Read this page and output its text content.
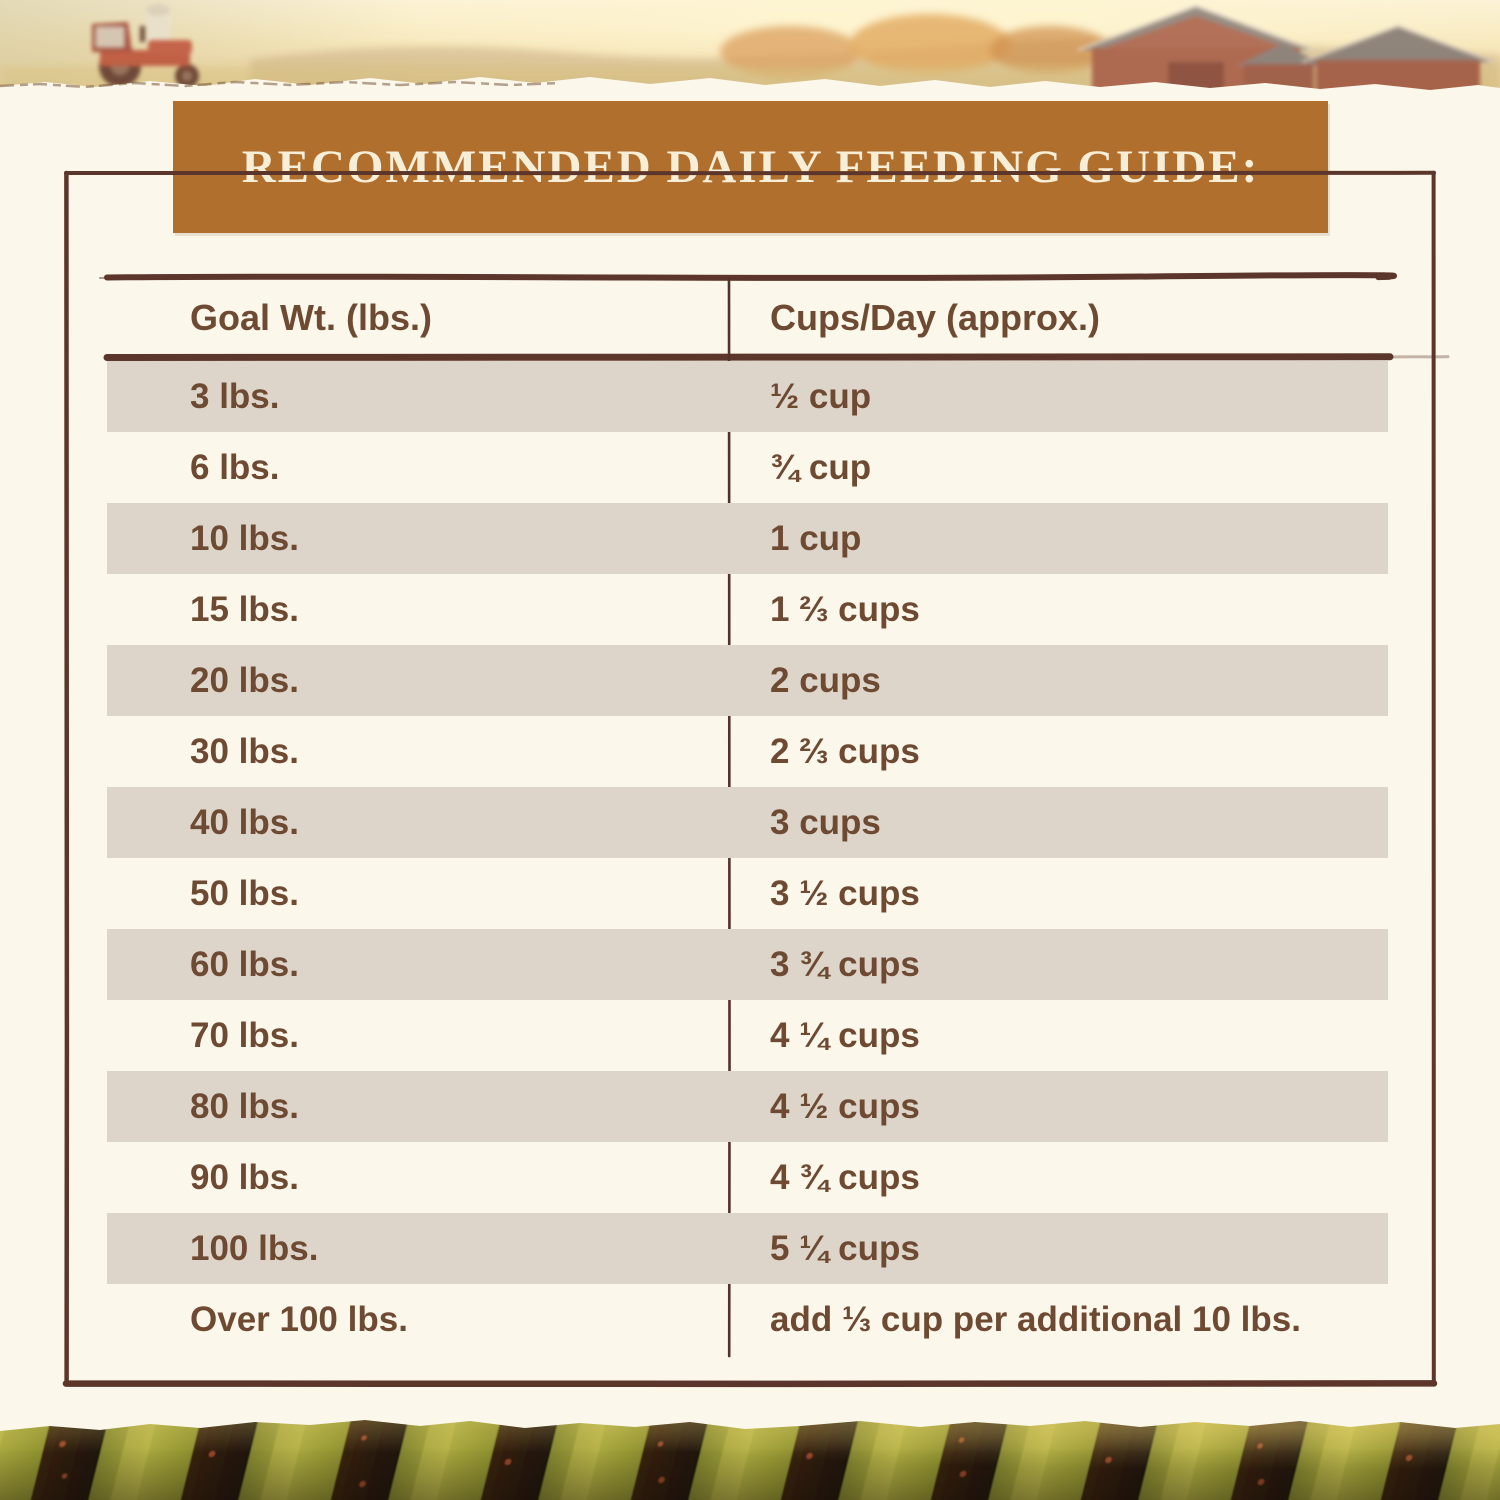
RECOMMENDED DAILY FEEDING GUIDE:
Goal Wt. (lbs.)	Cups/Day (approx.)
3 lbs.	½ cup
6 lbs.	¾ cup
10 lbs.	1 cup
15 lbs.	1 ⅔ cups
20 lbs.	2 cups
30 lbs.	2 ⅔ cups
40 lbs.	3 cups
50 lbs.	3 ½ cups
60 lbs.	3 ¾ cups
70 lbs.	4 ¼ cups
80 lbs.	4 ½ cups
90 lbs.	4 ¾ cups
100 lbs.	5 ¼ cups
Over 100 lbs.	add ⅓ cup per additional 10 lbs.
